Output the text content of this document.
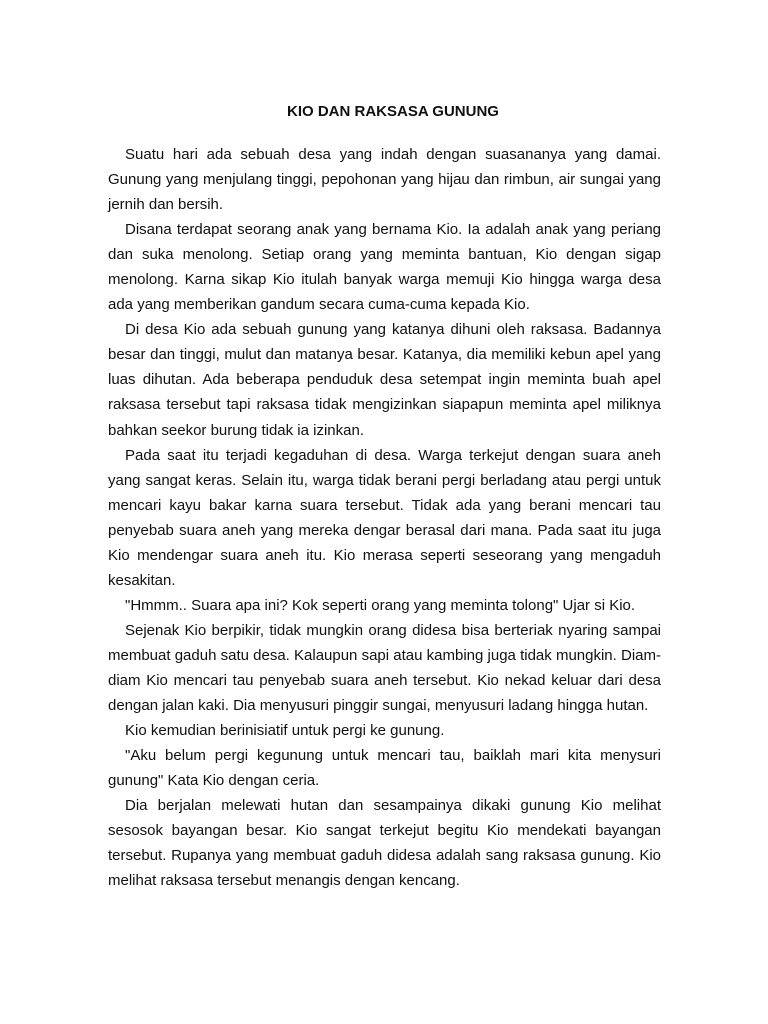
KIO DAN RAKSASA GUNUNG

Suatu hari ada sebuah desa yang indah dengan suasananya yang damai. Gunung yang menjulang tinggi, pepohonan yang hijau dan rimbun, air sungai yang jernih dan bersih.

Disana terdapat seorang anak yang bernama Kio. Ia adalah anak yang periang dan suka menolong. Setiap orang yang meminta bantuan, Kio dengan sigap menolong. Karna sikap Kio itulah banyak warga memuji Kio hingga warga desa ada yang memberikan gandum secara cuma-cuma kepada Kio.

Di desa Kio ada sebuah gunung yang katanya dihuni oleh raksasa. Badannya besar dan tinggi, mulut dan matanya besar. Katanya, dia memiliki kebun apel yang luas dihutan. Ada beberapa penduduk desa setempat ingin meminta buah apel raksasa tersebut tapi raksasa tidak mengizinkan siapapun meminta apel miliknya bahkan seekor burung tidak ia izinkan.

Pada saat itu terjadi kegaduhan di desa. Warga terkejut dengan suara aneh yang sangat keras. Selain itu, warga tidak berani pergi berladang atau pergi untuk mencari kayu bakar karna suara tersebut. Tidak ada yang berani mencari tau penyebab suara aneh yang mereka dengar berasal dari mana. Pada saat itu juga Kio mendengar suara aneh itu. Kio merasa seperti seseorang yang mengaduh kesakitan.

"Hmmm.. Suara apa ini? Kok seperti orang yang meminta tolong" Ujar si Kio.

Sejenak Kio berpikir, tidak mungkin orang didesa bisa berteriak nyaring sampai membuat gaduh satu desa. Kalaupun sapi atau kambing juga tidak mungkin. Diam-diam Kio mencari tau penyebab suara aneh tersebut. Kio nekad keluar dari desa dengan jalan kaki. Dia menyusuri pinggir sungai, menyusuri ladang hingga hutan.

Kio kemudian berinisiatif untuk pergi ke gunung.

"Aku belum pergi kegunung untuk mencari tau, baiklah mari kita menysuri gunung" Kata Kio dengan ceria.

Dia berjalan melewati hutan dan sesampainya dikaki gunung Kio melihat sesosok bayangan besar. Kio sangat terkejut begitu Kio mendekati bayangan tersebut. Rupanya yang membuat gaduh didesa adalah sang raksasa gunung. Kio melihat raksasa tersebut menangis dengan kencang.
